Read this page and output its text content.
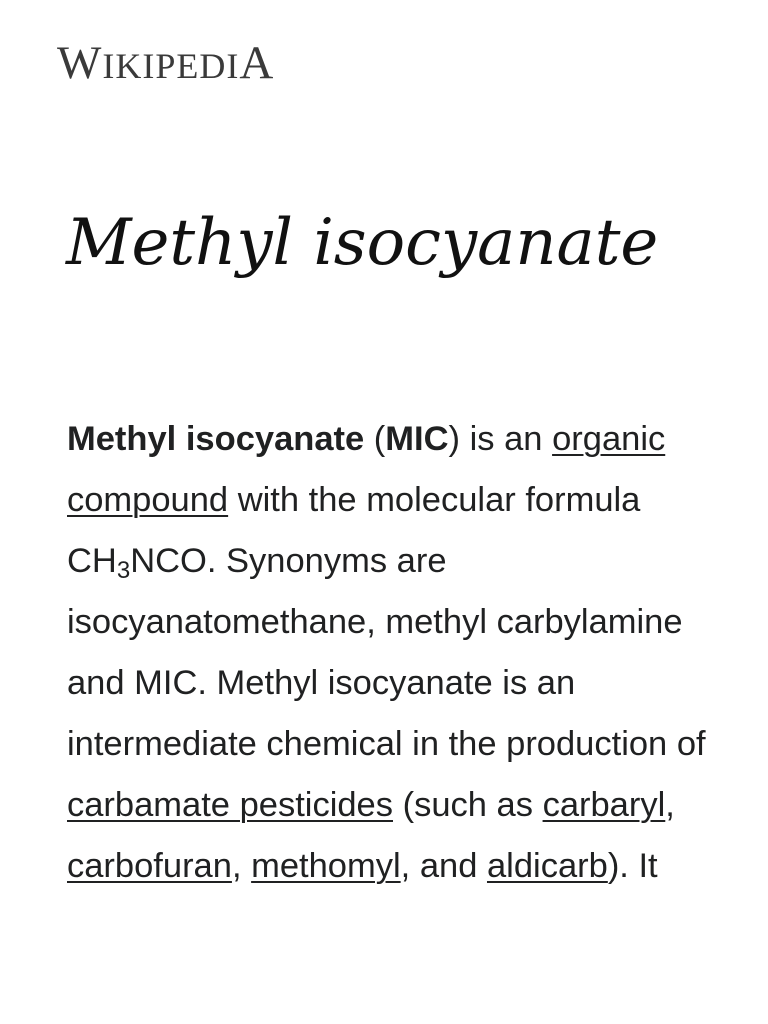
WIKIPEDIA
Methyl isocyanate

Methyl isocyanate (MIC) is an organic compound with the molecular formula $CH_3NCO$. Synonyms are isocyanatomethane, methyl carbylamine and MIC. Methyl isocyanate is an intermediate chemical in the production of carbamate pesticides (such as carbaryl, carbofuran, methomyl, and aldicarb). It
